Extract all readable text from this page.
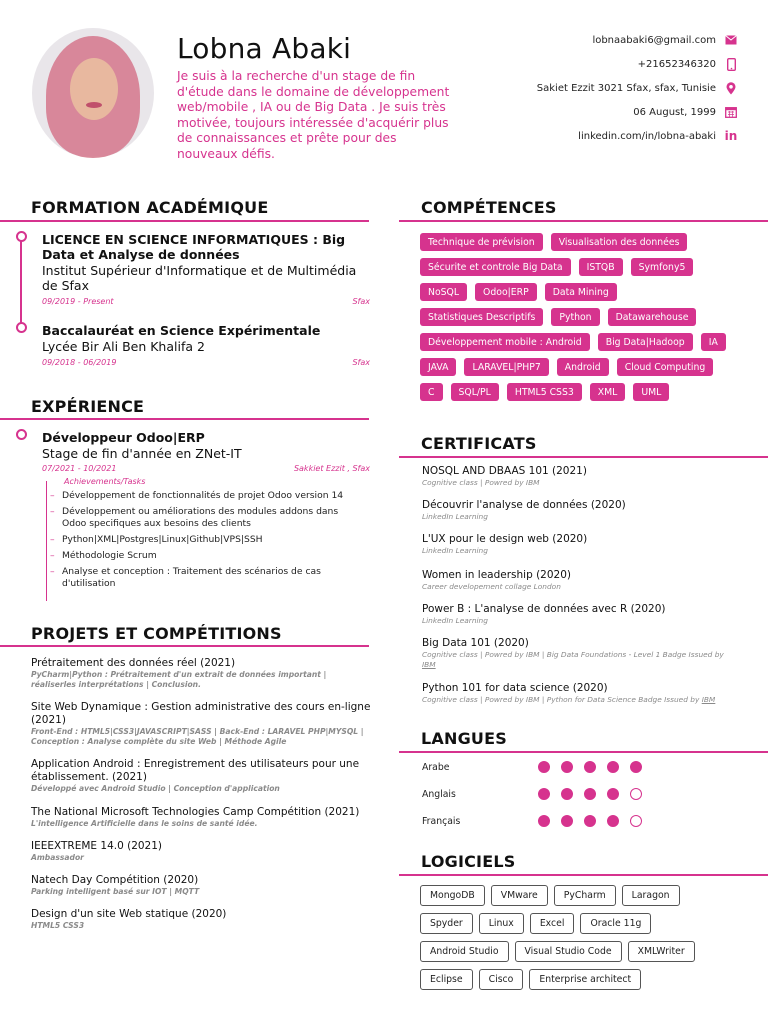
Lobna Abaki
Je suis à la recherche d'un stage de fin d'étude dans le domaine de développement web/mobile , IA ou de Big Data . Je suis très motivée, toujours intéressée d'acquérir plus de connaissances et prête pour des nouveaux défis.
lobnaabaki6@gmail.com
+21652346320
Sakiet Ezzit 3021 Sfax, sfax, Tunisie
06 August, 1999
linkedin.com/in/lobna-abaki in
FORMATION ACADÉMIQUE
LICENCE EN SCIENCE INFORMATIQUES : Big Data et Analyse de données
Institut Supérieur d'Informatique et de Multimédia de Sfax
09/2019 - Present	Sfax
Baccalauréat en Science Expérimentale
Lycée Bir Ali Ben Khalifa 2
09/2018 - 06/2019	Sfax
EXPÉRIENCE
Développeur Odoo|ERP
Stage de fin d'année en ZNet-IT
07/2021 - 10/2021	Sakkiet Ezzit , Sfax
Achievements/Tasks
– Développement de fonctionnalités de projet Odoo version 14
– Développement ou améliorations des modules addons dans Odoo specifiques aux besoins des clients
– Python|XML|Postgres|Linux|Github|VPS|SSH
– Méthodologie Scrum
– Analyse et conception : Traitement des scénarios de cas d'utilisation
PROJETS ET COMPÉTITIONS
Prétraitement des données réel (2021)
PyCharm|Python : Prétraitement d'un extrait de données important | réaliserles interprétations | Conclusion.
Site Web Dynamique : Gestion administrative des cours en-ligne (2021)
Front-End : HTML5|CSS3|JAVASCRIPT|SASS | Back-End : LARAVEL PHP|MYSQL | Conception : Analyse complète du site Web | Méthode Agile
Application Android : Enregistrement des utilisateurs pour une établissement. (2021)
Développé avec Android Studio | Conception d'application
The National Microsoft Technologies Camp Compétition (2021)
L'intelligence Artificielle dans le soins de santé idée.
IEEEXTREME 14.0 (2021)
Ambassador
Natech Day Compétition (2020)
Parking intelligent basé sur IOT | MQTT
Design d'un site Web statique (2020)
HTML5 CSS3
COMPÉTENCES
Technique de prévision	Visualisation des données
Sécurite et controle Big Data	ISTQB	Symfony5
NoSQL	Odoo|ERP	Data Mining
Statistiques Descriptifs	Python	Datawarehouse
Développement mobile : Android	Big Data|Hadoop	IA
JAVA	LARAVEL|PHP7	Android	Cloud Computing
C	SQL/PL	HTML5 CSS3	XML	UML
CERTIFICATS
NOSQL AND DBAAS 101 (2021)
Cognitive class | Powred by IBM
Découvrir l'analyse de données (2020)
LinkedIn Learning
L'UX pour le design web (2020)
LinkedIn Learning
Women in leadership (2020)
Career developement collage London
Power B : L'analyse de données avec R (2020)
LinkedIn Learning
Big Data 101 (2020)
Cognitive class | Powred by IBM | Big Data Foundations - Level 1 Badge Issued by
IBM
Python 101 for data science (2020)
Cognitive class | Powred by IBM | Python for Data Science Badge Issued by IBM
LANGUES
Arabe
Anglais
Français
LOGICIELS
MongoDB	VMware	PyCharm	Laragon
Spyder	Linux	Excel	Oracle 11g
Android Studio	Visual Studio Code	XMLWriter
Eclipse	Cisco	Enterprise architect
